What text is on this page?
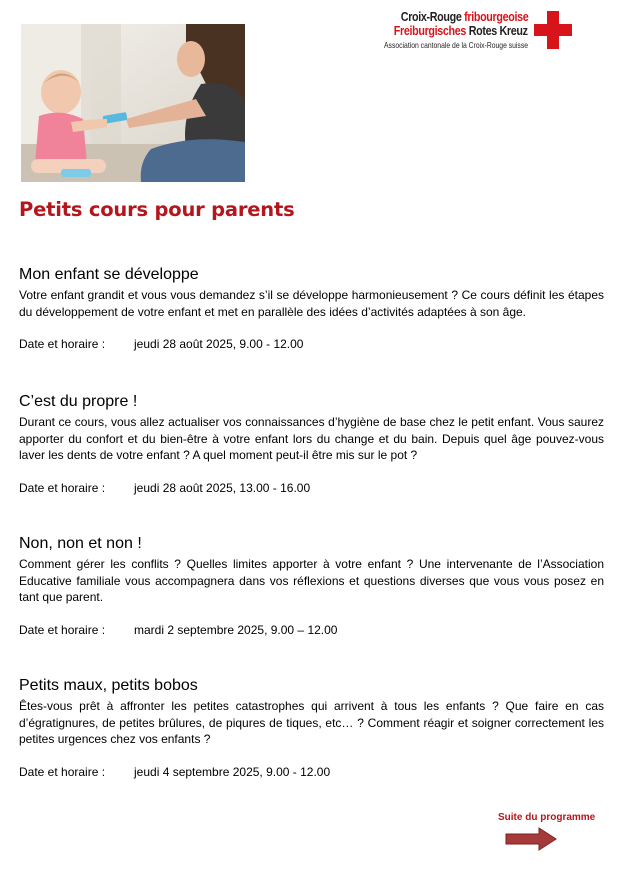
Croix-Rouge fribourgeoise
Freiburgisches Rotes Kreuz
Association cantonale de la Croix-Rouge suisse
Petits cours pour parents
Mon enfant se développe

Votre enfant grandit et vous vous demandez s’il se développe harmonieusement ? Ce cours définit les étapes du développement de votre enfant et met en parallèle des idées d’activités adaptées à son âge.

Date et horaire : jeudi 28 août 2025, 9.00 - 12.00
C’est du propre !

Durant ce cours, vous allez actualiser vos connaissances d’hygiène de base chez le petit enfant. Vous saurez apporter du confort et du bien-être à votre enfant lors du change et du bain. Depuis quel âge pouvez-vous laver les dents de votre enfant ? A quel moment peut-il être mis sur le pot ?

Date et horaire : jeudi 28 août 2025, 13.00 - 16.00
Non, non et non !

Comment gérer les conflits ? Quelles limites apporter à votre enfant ? Une intervenante de l’Association Educative familiale vous accompagnera dans vos réflexions et questions diverses que vous vous posez en tant que parent.

Date et horaire : mardi 2 septembre 2025, 9.00 – 12.00
Petits maux, petits bobos

Êtes-vous prêt à affronter les petites catastrophes qui arrivent à tous les enfants ? Que faire en cas d’égratignures, de petites brûlures, de piqures de tiques, etc… ? Comment réagir et soigner correctement les petites urgences chez vos enfants ?

Date et horaire : jeudi 4 septembre 2025, 9.00 - 12.00
Suite du programme
